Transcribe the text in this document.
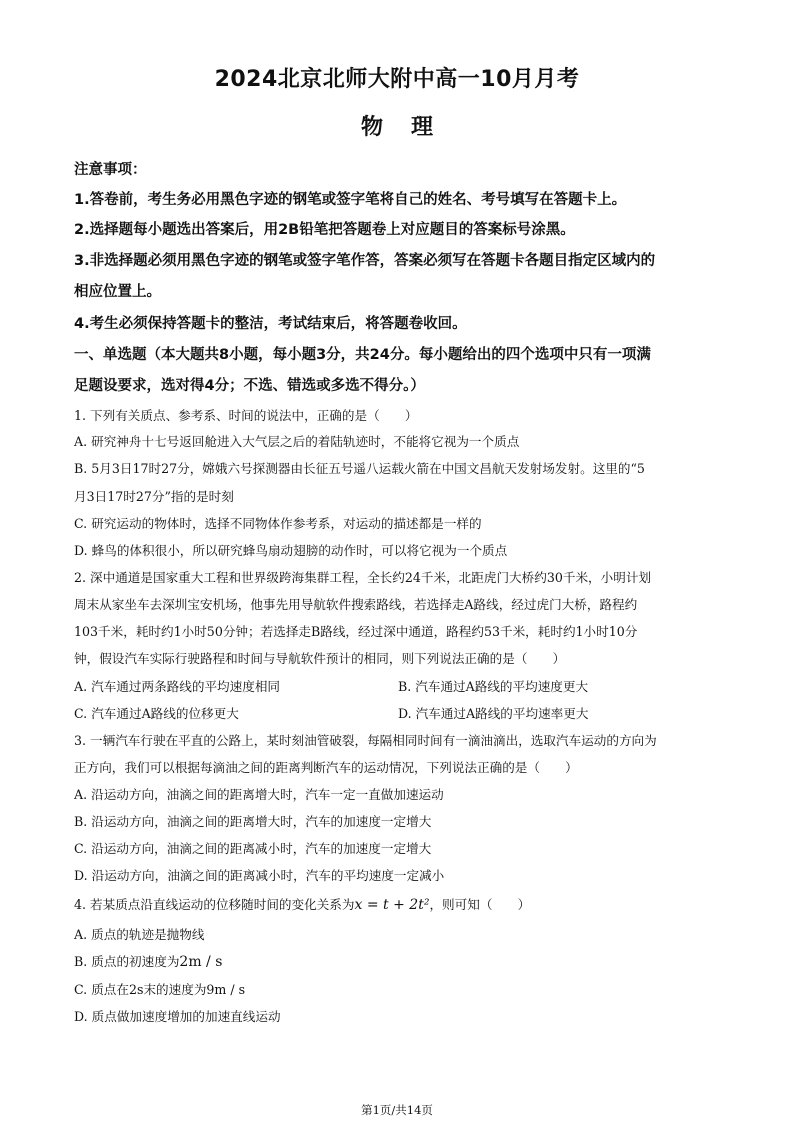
2024北京北师大附中高一10月月考
物理
注意事项：
1.答卷前，考生务必用黑色字迹的钢笔或签字笔将自己的姓名、考号填写在答题卡上。
2.选择题每小题选出答案后，用2B铅笔把答题卷上对应题目的答案标号涂黑。
3.非选择题必须用黑色字迹的钢笔或签字笔作答，答案必须写在答题卡各题目指定区域内的
相应位置上。
4.考生必须保持答题卡的整洁，考试结束后，将答题卷收回。
一、单选题（本大题共8小题，每小题3分，共24分。每小题给出的四个选项中只有一项满
足题设要求，选对得4分；不选、错选或多选不得分。）
1. 下列有关质点、参考系、时间的说法中，正确的是（　　）
A. 研究神舟十七号返回舱进入大气层之后的着陆轨迹时，不能将它视为一个质点
B. 5月3日17时27分，嫦娥六号探测器由长征五号遥八运载火箭在中国文昌航天发射场发射。这里的“5
月3日17时27分”指的是时刻
C. 研究运动的物体时，选择不同物体作参考系，对运动的描述都是一样的
D. 蜂鸟的体积很小，所以研究蜂鸟扇动翅膀的动作时，可以将它视为一个质点
2. 深中通道是国家重大工程和世界级跨海集群工程，全长约24千米，北距虎门大桥约30千米，小明计划
周末从家坐车去深圳宝安机场，他事先用导航软件搜索路线，若选择走A路线，经过虎门大桥，路程约
103千米，耗时约1小时50分钟；若选择走B路线，经过深中通道，路程约53千米，耗时约1小时10分
钟，假设汽车实际行驶路程和时间与导航软件预计的相同，则下列说法正确的是（　　）
A. 汽车通过两条路线的平均速度相同	B. 汽车通过A路线的平均速度更大
C. 汽车通过A路线的位移更大	D. 汽车通过A路线的平均速率更大
3. 一辆汽车行驶在平直的公路上，某时刻油管破裂，每隔相同时间有一滴油滴出，选取汽车运动的方向为
正方向，我们可以根据每滴油之间的距离判断汽车的运动情况，下列说法正确的是（　　）
A. 沿运动方向，油滴之间的距离增大时，汽车一定一直做加速运动
B. 沿运动方向，油滴之间的距离增大时，汽车的加速度一定增大
C. 沿运动方向，油滴之间的距离减小时，汽车的加速度一定增大
D. 沿运动方向，油滴之间的距离减小时，汽车的平均速度一定减小
4. 若某质点沿直线运动的位移随时间的变化关系为x = t + 2t²，则可知（　　）
A. 质点的轨迹是抛物线
B. 质点的初速度为2m / s
C. 质点在2s末的速度为9m / s
D. 质点做加速度增加的加速直线运动
第1页/共14页
